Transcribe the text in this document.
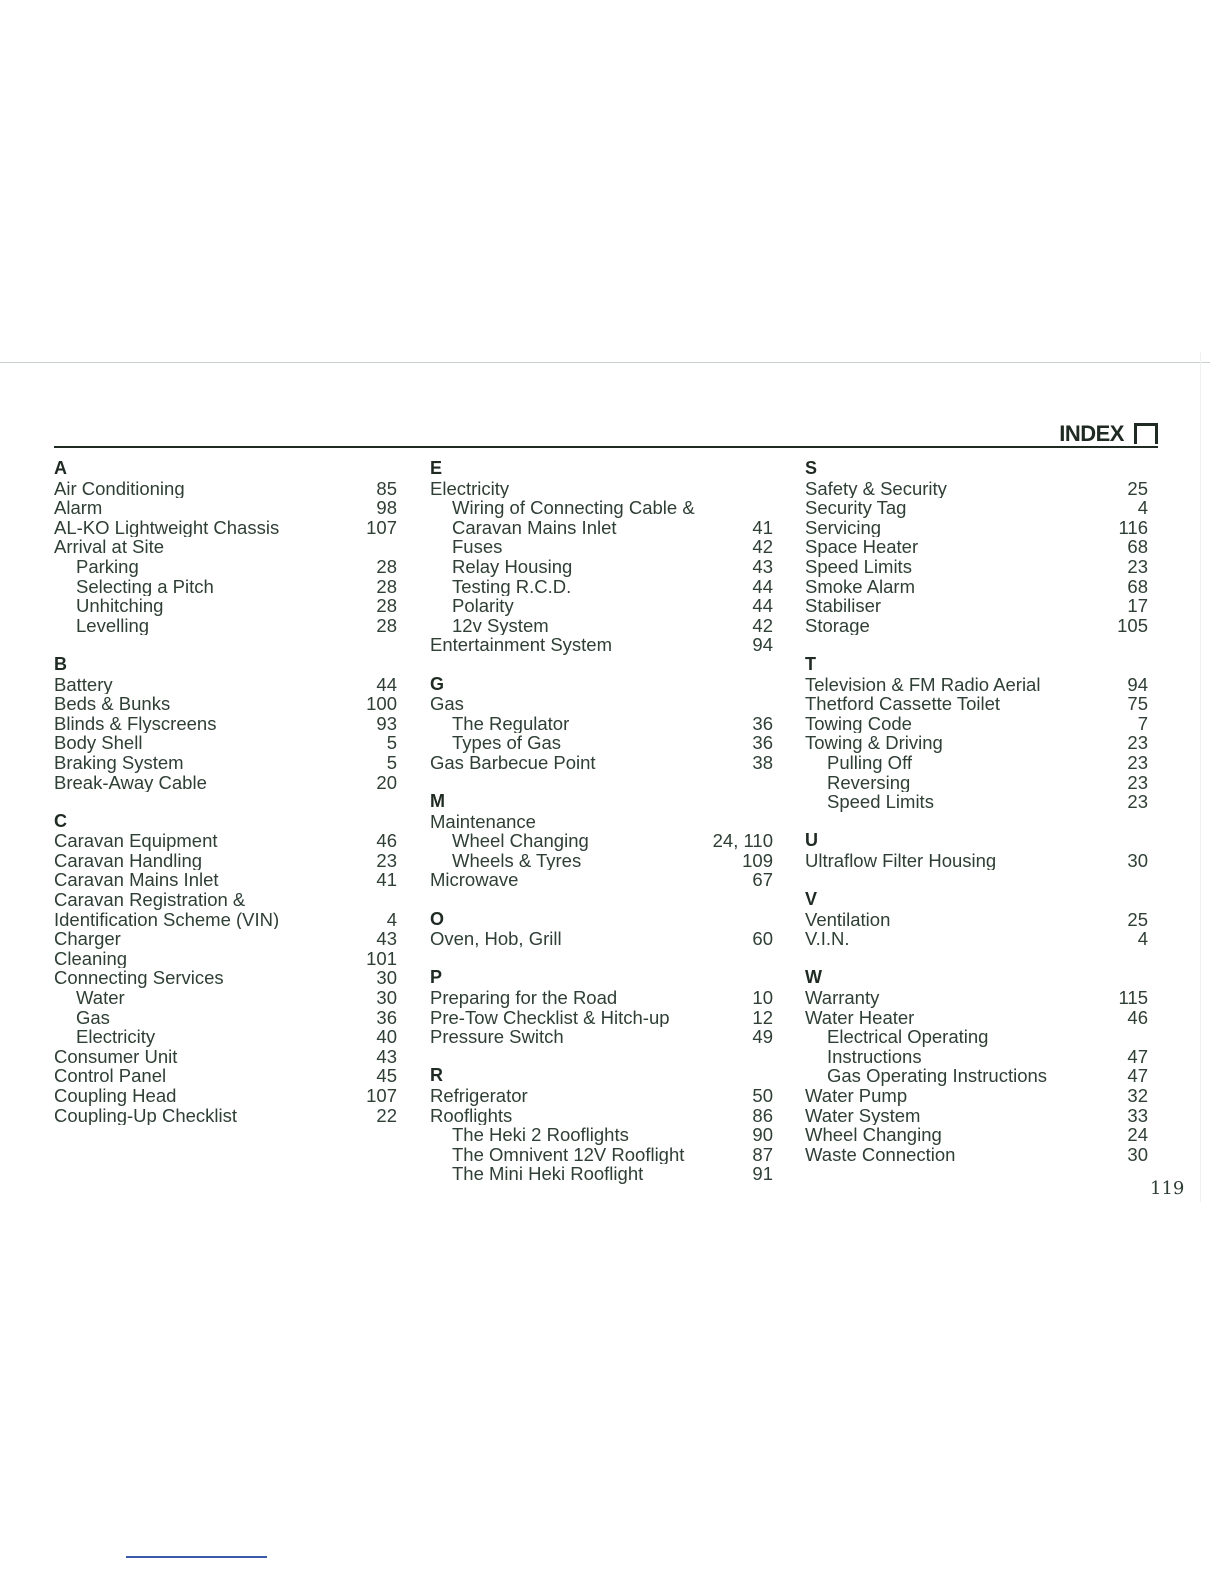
INDEX
A
Air Conditioning	85
Alarm	98
AL-KO Lightweight Chassis	107
Arrival at Site
Parking	28
Selecting a Pitch	28
Unhitching	28
Levelling	28
B
Battery	44
Beds & Bunks	100
Blinds & Flyscreens	93
Body Shell	5
Braking System	5
Break-Away Cable	20
C
Caravan Equipment	46
Caravan Handling	23
Caravan Mains Inlet	41
Caravan Registration &
Identification Scheme (VIN)	4
Charger	43
Cleaning	101
Connecting Services	30
Water	30
Gas	36
Electricity	40
Consumer Unit	43
Control Panel	45
Coupling Head	107
Coupling-Up Checklist	22
E
Electricity
Wiring of Connecting Cable &
Caravan Mains Inlet	41
Fuses	42
Relay Housing	43
Testing R.C.D.	44
Polarity	44
12v System	42
Entertainment System	94
G
Gas
The Regulator	36
Types of Gas	36
Gas Barbecue Point	38
M
Maintenance
Wheel Changing	24, 110
Wheels & Tyres	109
Microwave	67
O
Oven, Hob, Grill	60
P
Preparing for the Road	10
Pre-Tow Checklist & Hitch-up	12
Pressure Switch	49
R
Refrigerator	50
Rooflights	86
The Heki 2 Rooflights	90
The Omnivent 12V Rooflight	87
The Mini Heki Rooflight	91
S
Safety & Security	25
Security Tag	4
Servicing	116
Space Heater	68
Speed Limits	23
Smoke Alarm	68
Stabiliser	17
Storage	105
T
Television & FM Radio Aerial	94
Thetford Cassette Toilet	75
Towing Code	7
Towing & Driving	23
Pulling Off	23
Reversing	23
Speed Limits	23
U
Ultraflow Filter Housing	30
V
Ventilation	25
V.I.N.	4
W
Warranty	115
Water Heater	46
Electrical Operating
Instructions	47
Gas Operating Instructions	47
Water Pump	32
Water System	33
Wheel Changing	24
Waste Connection	30
119
